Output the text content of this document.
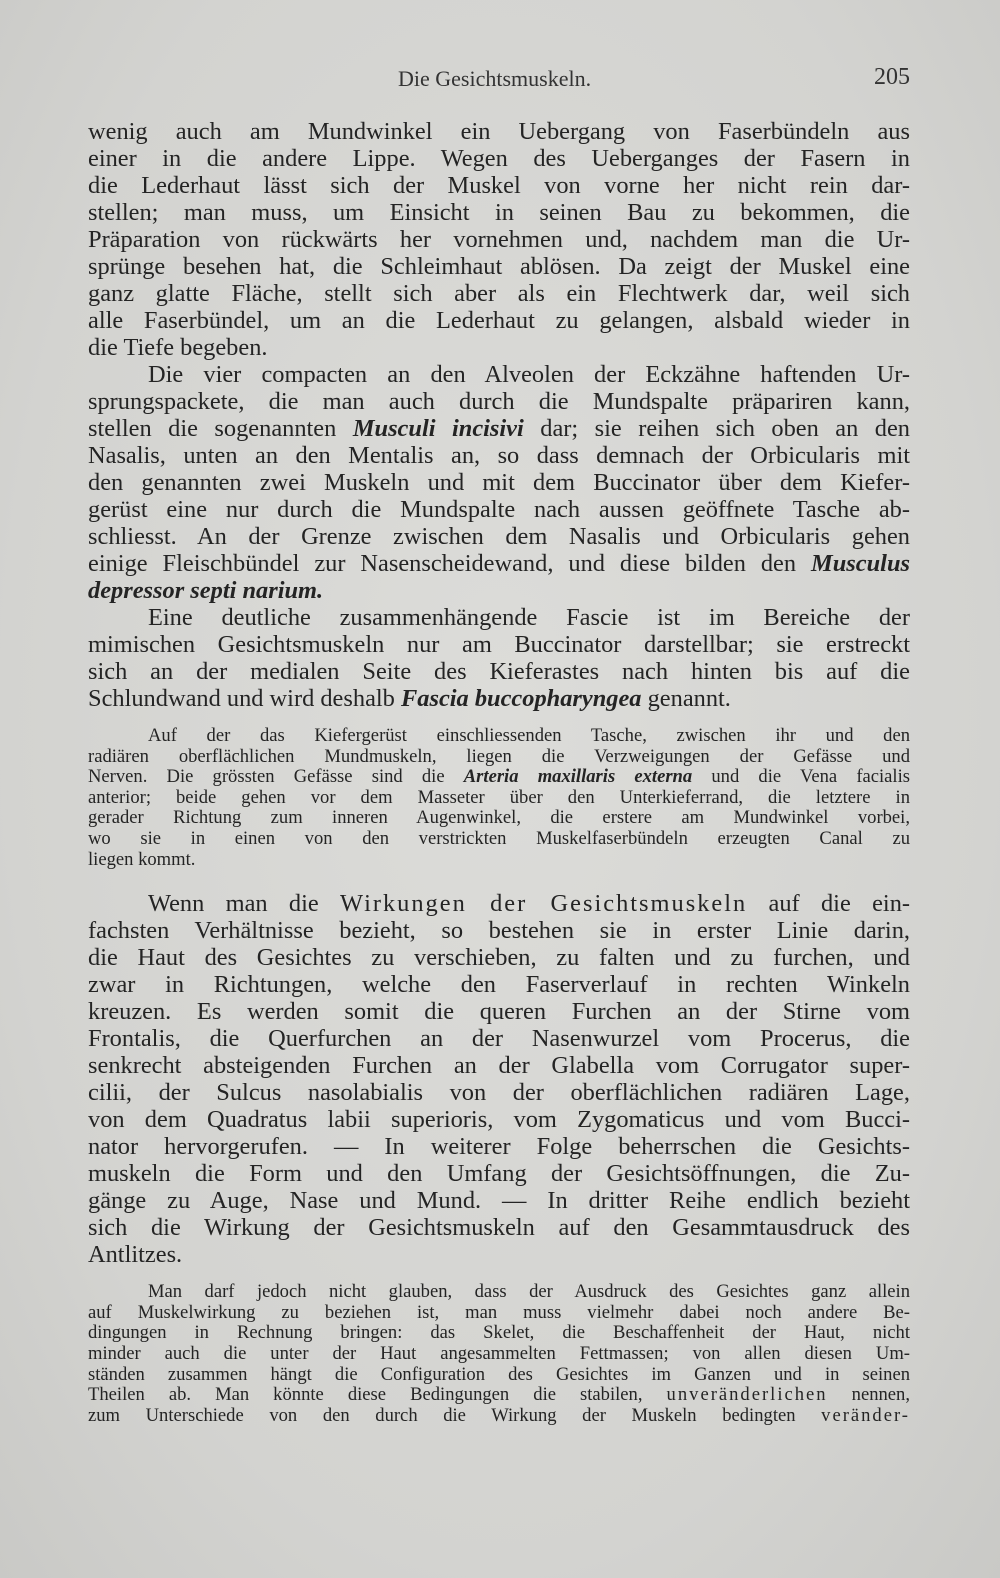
Die Gesichtsmuskeln.	205

wenig auch am Mundwinkel ein Uebergang von Faserbündeln aus
einer in die andere Lippe. Wegen des Ueberganges der Fasern in
die Lederhaut lässt sich der Muskel von vorne her nicht rein dar-
stellen; man muss, um Einsicht in seinen Bau zu bekommen, die
Präparation von rückwärts her vornehmen und, nachdem man die Ur-
sprünge besehen hat, die Schleimhaut ablösen. Da zeigt der Muskel eine
ganz glatte Fläche, stellt sich aber als ein Flechtwerk dar, weil sich
alle Faserbündel, um an die Lederhaut zu gelangen, alsbald wieder in
die Tiefe begeben.

Die vier compacten an den Alveolen der Eckzähne haftenden Ur-
sprungspackete, die man auch durch die Mundspalte präpariren kann,
stellen die sogenannten Musculi incisivi dar; sie reihen sich oben an den
Nasalis, unten an den Mentalis an, so dass demnach der Orbicularis mit
den genannten zwei Muskeln und mit dem Buccinator über dem Kiefer-
gerüst eine nur durch die Mundspalte nach aussen geöffnete Tasche ab-
schliesst. An der Grenze zwischen dem Nasalis und Orbicularis gehen
einige Fleischbündel zur Nasenscheidewand, und diese bilden den Musculus
depressor septi narium.

Eine deutliche zusammenhängende Fascie ist im Bereiche der
mimischen Gesichtsmuskeln nur am Buccinator darstellbar; sie erstreckt
sich an der medialen Seite des Kieferastes nach hinten bis auf die
Schlundwand und wird deshalb Fascia buccopharyngea genannt.

Auf der das Kiefergerüst einschliessenden Tasche, zwischen ihr und den
radiären oberflächlichen Mundmuskeln, liegen die Verzweigungen der Gefässe und
Nerven. Die grössten Gefässe sind die Arteria maxillaris externa und die Vena facialis
anterior; beide gehen vor dem Masseter über den Unterkieferrand, die letztere in
gerader Richtung zum inneren Augenwinkel, die erstere am Mundwinkel vorbei,
wo sie in einen von den verstrickten Muskelfaserbündeln erzeugten Canal zu
liegen kommt.

Wenn man die Wirkungen der Gesichtsmuskeln auf die ein-
fachsten Verhältnisse bezieht, so bestehen sie in erster Linie darin,
die Haut des Gesichtes zu verschieben, zu falten und zu furchen, und
zwar in Richtungen, welche den Faserverlauf in rechten Winkeln
kreuzen. Es werden somit die queren Furchen an der Stirne vom
Frontalis, die Querfurchen an der Nasenwurzel vom Procerus, die
senkrecht absteigenden Furchen an der Glabella vom Corrugator super-
cilii, der Sulcus nasolabialis von der oberflächlichen radiären Lage,
von dem Quadratus labii superioris, vom Zygomaticus und vom Bucci-
nator hervorgerufen. — In weiterer Folge beherrschen die Gesichts-
muskeln die Form und den Umfang der Gesichtsöffnungen, die Zu-
gänge zu Auge, Nase und Mund. — In dritter Reihe endlich bezieht
sich die Wirkung der Gesichtsmuskeln auf den Gesammtausdruck des
Antlitzes.

Man darf jedoch nicht glauben, dass der Ausdruck des Gesichtes ganz allein
auf Muskelwirkung zu beziehen ist, man muss vielmehr dabei noch andere Be-
dingungen in Rechnung bringen: das Skelet, die Beschaffenheit der Haut, nicht
minder auch die unter der Haut angesammelten Fettmassen; von allen diesen Um-
ständen zusammen hängt die Configuration des Gesichtes im Ganzen und in seinen
Theilen ab. Man könnte diese Bedingungen die stabilen, unveränderlichen nennen,
zum Unterschiede von den durch die Wirkung der Muskeln bedingten veränder-
